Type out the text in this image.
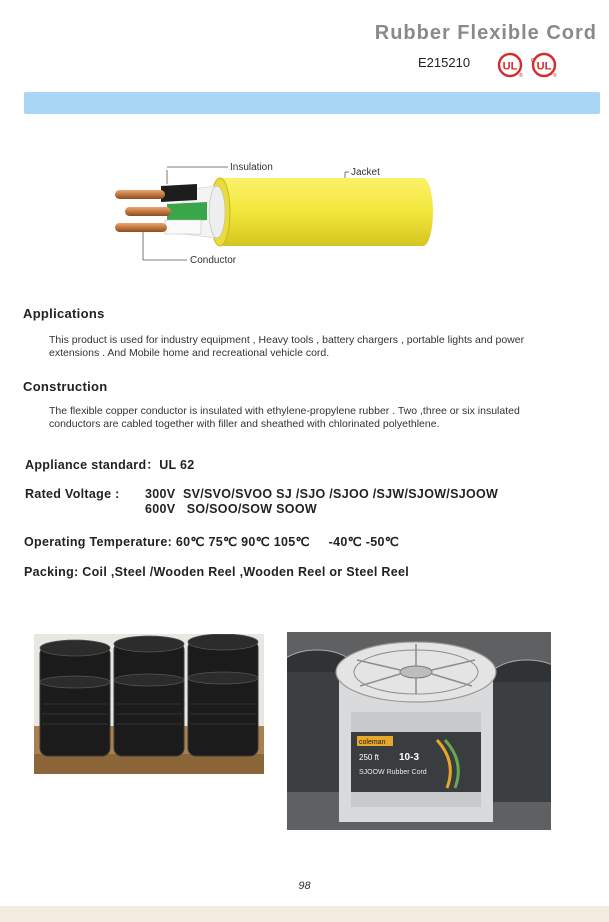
Rubber Flexible Cord
E215210	UL
®
c UL
®
Insulation	Jacket
Conductor
Applications
This product is used for industry equipment , Heavy tools , battery chargers , portable lights and power extensions . And Mobile home and recreational vehicle cord.
Construction
The flexible copper conductor is insulated with ethylene-propylene rubber . Two ,three or six insulated conductors are cabled together with filler and sheathed with chlorinated polyethlene.
Appliance standard：UL 62
Rated Voltage : 300V SV/SVO/SVOO SJ /SJO /SJOO /SJW/SJOW/SJOOW
600V SO/SOO/SOW SOOW
Operating Temperature: 60℃ 75℃ 90℃ 105℃ -40℃ -50℃
Packing: Coil ,Steel /Wooden Reel ,Wooden Reel or Steel Reel
coleman
250 ft 10-3
SJOOW Rubber Cord
98
